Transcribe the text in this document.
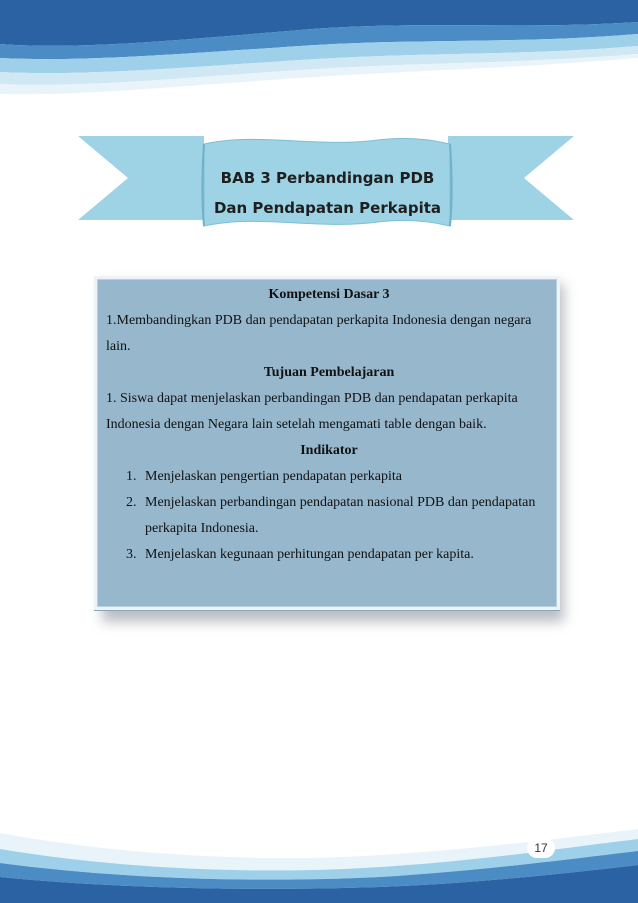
BAB 3 Perbandingan PDB
Dan Pendapatan Perkapita
Kompetensi Dasar 3

1.Membandingkan PDB dan pendapatan perkapita Indonesia dengan negara lain.

Tujuan Pembelajaran

1. Siswa dapat menjelaskan perbandingan PDB dan pendapatan perkapita Indonesia dengan Negara lain setelah mengamati table dengan baik.

Indikator
1. Menjelaskan pengertian pendapatan perkapita
2. Menjelaskan perbandingan pendapatan nasional PDB dan pendapatan perkapita Indonesia.
3. Menjelaskan kegunaan perhitungan pendapatan per kapita.
17
